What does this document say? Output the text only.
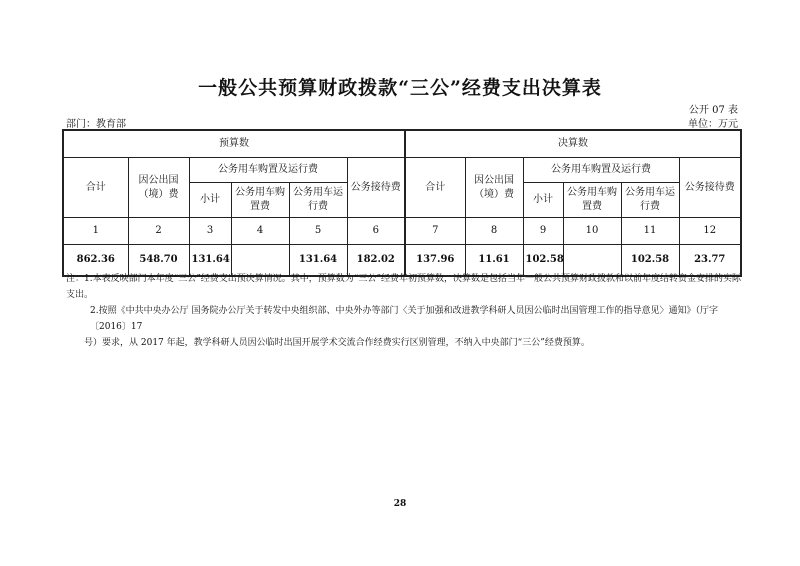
一般公共预算财政拨款“三公”经费支出决算表
公开 07 表
部门：教育部	单位：万元
预算数						决算数					
合计	因公出国（境）费	公务用车购置及运行费			公务接待费	合计	因公出国（境）费	公务用车购置及运行费			公务接待费
		小计	公务用车购置费	公务用车运行费				小计	公务用车购置费	公务用车运行费	
1	2	3	4	5	6	7	8	9	10	11	12
862.36	548.70	131.64		131.64	182.02	137.96	11.61	102.58		102.58	23.77
注：1.本表反映部门本年度“三公”经费支出预决算情况。其中，预算数为“三公”经费年初预算数，决算数是包括当年一般公共预算财政拨款和以前年度结转资金安排的实际支出。
2.按照《中共中央办公厅 国务院办公厅关于转发中央组织部、中央外办等部门〈关于加强和改进教学科研人员因公临时出国管理工作的指导意见〉通知》（厅字〔2016〕17
号）要求，从 2017 年起，教学科研人员因公临时出国开展学术交流合作经费实行区别管理，不纳入中央部门“三公”经费预算。
28
